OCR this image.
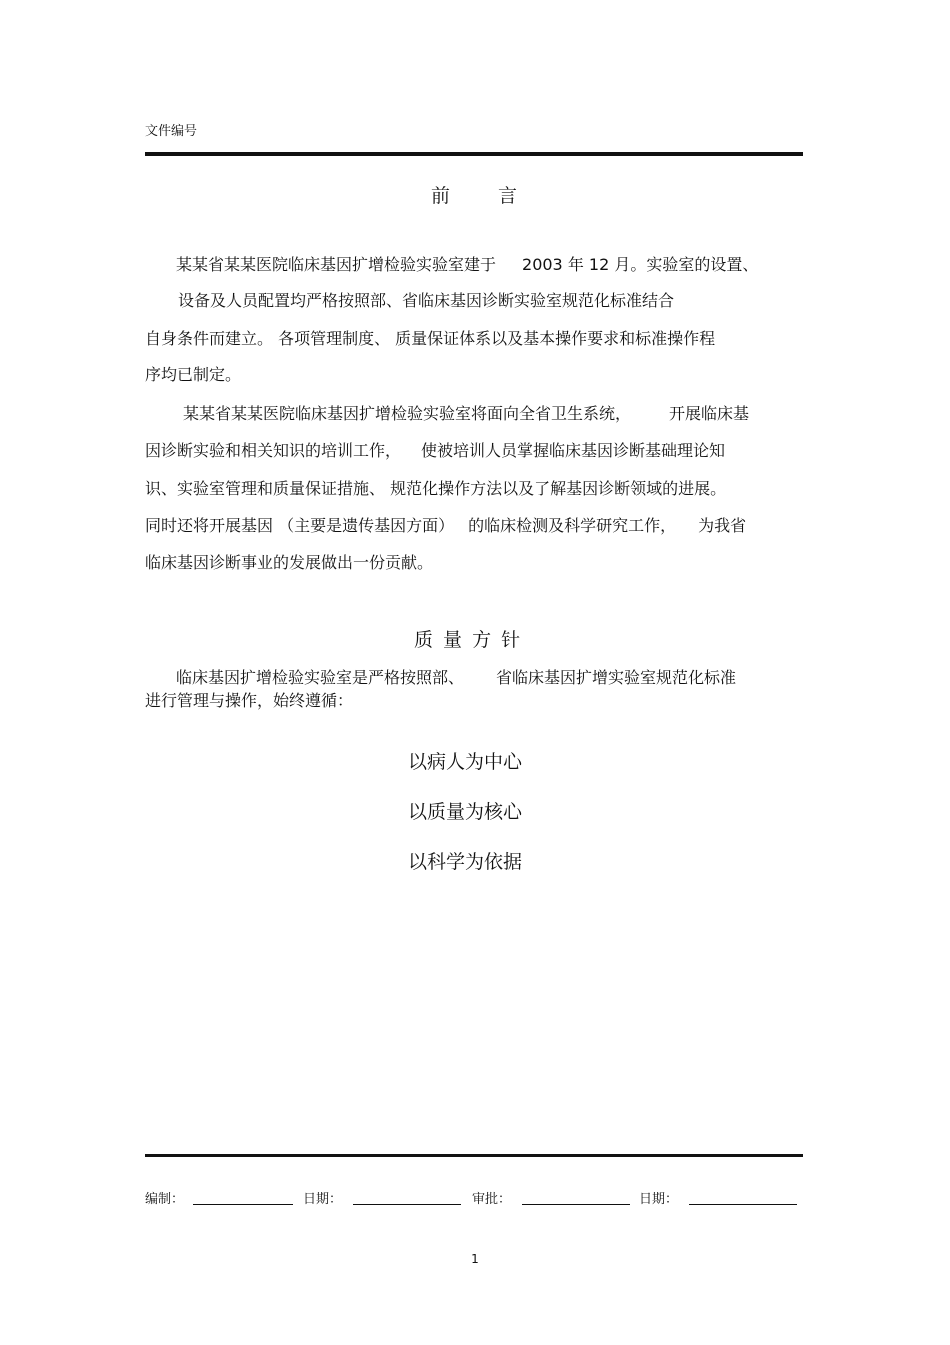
文件编号
前 言
某某省某某医院临床基因扩增检验实验室建于 2003 年 12 月。实验室的设置、
设备及人员配置均严格按照部、省临床基因诊断实验室规范化标准结合
自身条件而建立。 各项管理制度、 质量保证体系以及基本操作要求和标准操作程
序均已制定。
某某省某某医院临床基因扩增检验实验室将面向全省卫生系统， 开展临床基
因诊断实验和相关知识的培训工作， 使被培训人员掌握临床基因诊断基础理论知
识、实验室管理和质量保证措施、 规范化操作方法以及了解基因诊断领域的进展。
同时还将开展基因 （主要是遗传基因方面） 的临床检测及科学研究工作， 为我省
临床基因诊断事业的发展做出一份贡献。
质 量 方 针
临床基因扩增检验实验室是严格按照部、 省临床基因扩增实验室规范化标准
进行管理与操作，始终遵循：
以病人为中心
以质量为核心
以科学为依据
编制：	日期：	审批：	日期：
1
